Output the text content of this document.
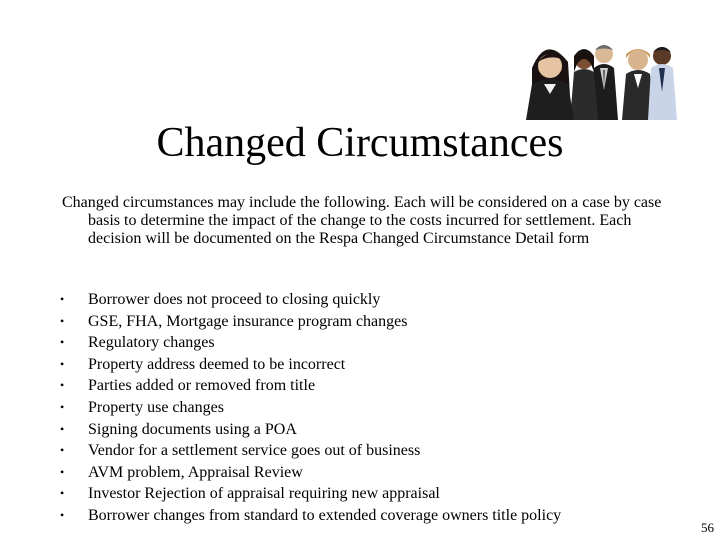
Changed Circumstances

Changed circumstances may include the following. Each will be considered on a case by case basis to determine the impact of the change to the costs incurred for settlement. Each decision will be documented on the Respa Changed Circumstance Detail form

• Borrower does not proceed to closing quickly
• GSE, FHA, Mortgage insurance program changes
• Regulatory changes
• Property address deemed to be incorrect
• Parties added or removed from title
• Property use changes
• Signing documents using a POA
• Vendor for a settlement service goes out of business
• AVM problem, Appraisal Review
• Investor Rejection of appraisal requiring new appraisal
• Borrower changes from standard to extended coverage owners title policy
56
